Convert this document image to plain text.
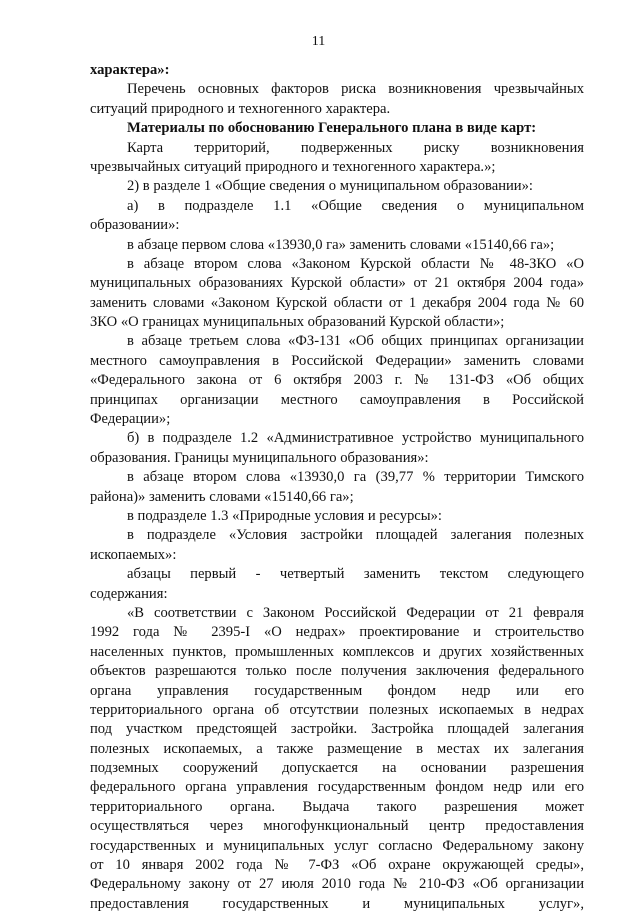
11
характера»:
Перечень основных факторов риска возникновения чрезвычайных
ситуаций природного и техногенного характера.
Материалы по обоснованию Генерального плана в виде карт:
Карта территорий, подверженных риску возникновения
чрезвычайных ситуаций природного и техногенного характера.»;
2) в разделе 1 «Общие сведения о муниципальном образовании»:
а) в подразделе 1.1 «Общие сведения о муниципальном
образовании»:
в абзаце первом слова «13930,0 га» заменить словами «15140,66 га»;
в абзаце втором слова «Законом Курской области № 48-ЗКО «О
муниципальных образованиях Курской области» от 21 октября 2004 года»
заменить словами «Законом Курской области от 1 декабря 2004 года № 60
ЗКО «О границах муниципальных образований Курской области»;
в абзаце третьем слова «ФЗ-131 «Об общих принципах организации
местного самоуправления в Российской Федерации» заменить словами
«Федерального закона от 6 октября 2003 г. № 131-ФЗ «Об общих
принципах организации местного самоуправления в Российской
Федерации»;
б) в подразделе 1.2 «Административное устройство муниципального
образования. Границы муниципального образования»:
в абзаце втором слова «13930,0 га (39,77 % территории Тимского
района)» заменить словами «15140,66 га»;
в подразделе 1.3 «Природные условия и ресурсы»:
в подразделе «Условия застройки площадей залегания полезных
ископаемых»:
абзацы первый - четвертый заменить текстом следующего
содержания:
«В соответствии с Законом Российской Федерации от 21 февраля
1992 года № 2395-I «О недрах» проектирование и строительство
населенных пунктов, промышленных комплексов и других хозяйственных
объектов разрешаются только после получения заключения федерального
органа управления государственным фондом недр или его
территориального органа об отсутствии полезных ископаемых в недрах
под участком предстоящей застройки. Застройка площадей залегания
полезных ископаемых, а также размещение в местах их залегания
подземных сооружений допускается на основании разрешения
федерального органа управления государственным фондом недр или его
территориального органа. Выдача такого разрешения может
осуществляться через многофункциональный центр предоставления
государственных и муниципальных услуг согласно Федеральному закону
от 10 января 2002 года № 7-ФЗ «Об охране окружающей среды»,
Федеральному закону от 27 июля 2010 года № 210-ФЗ «Об организации
предоставления государственных и муниципальных услуг»,
